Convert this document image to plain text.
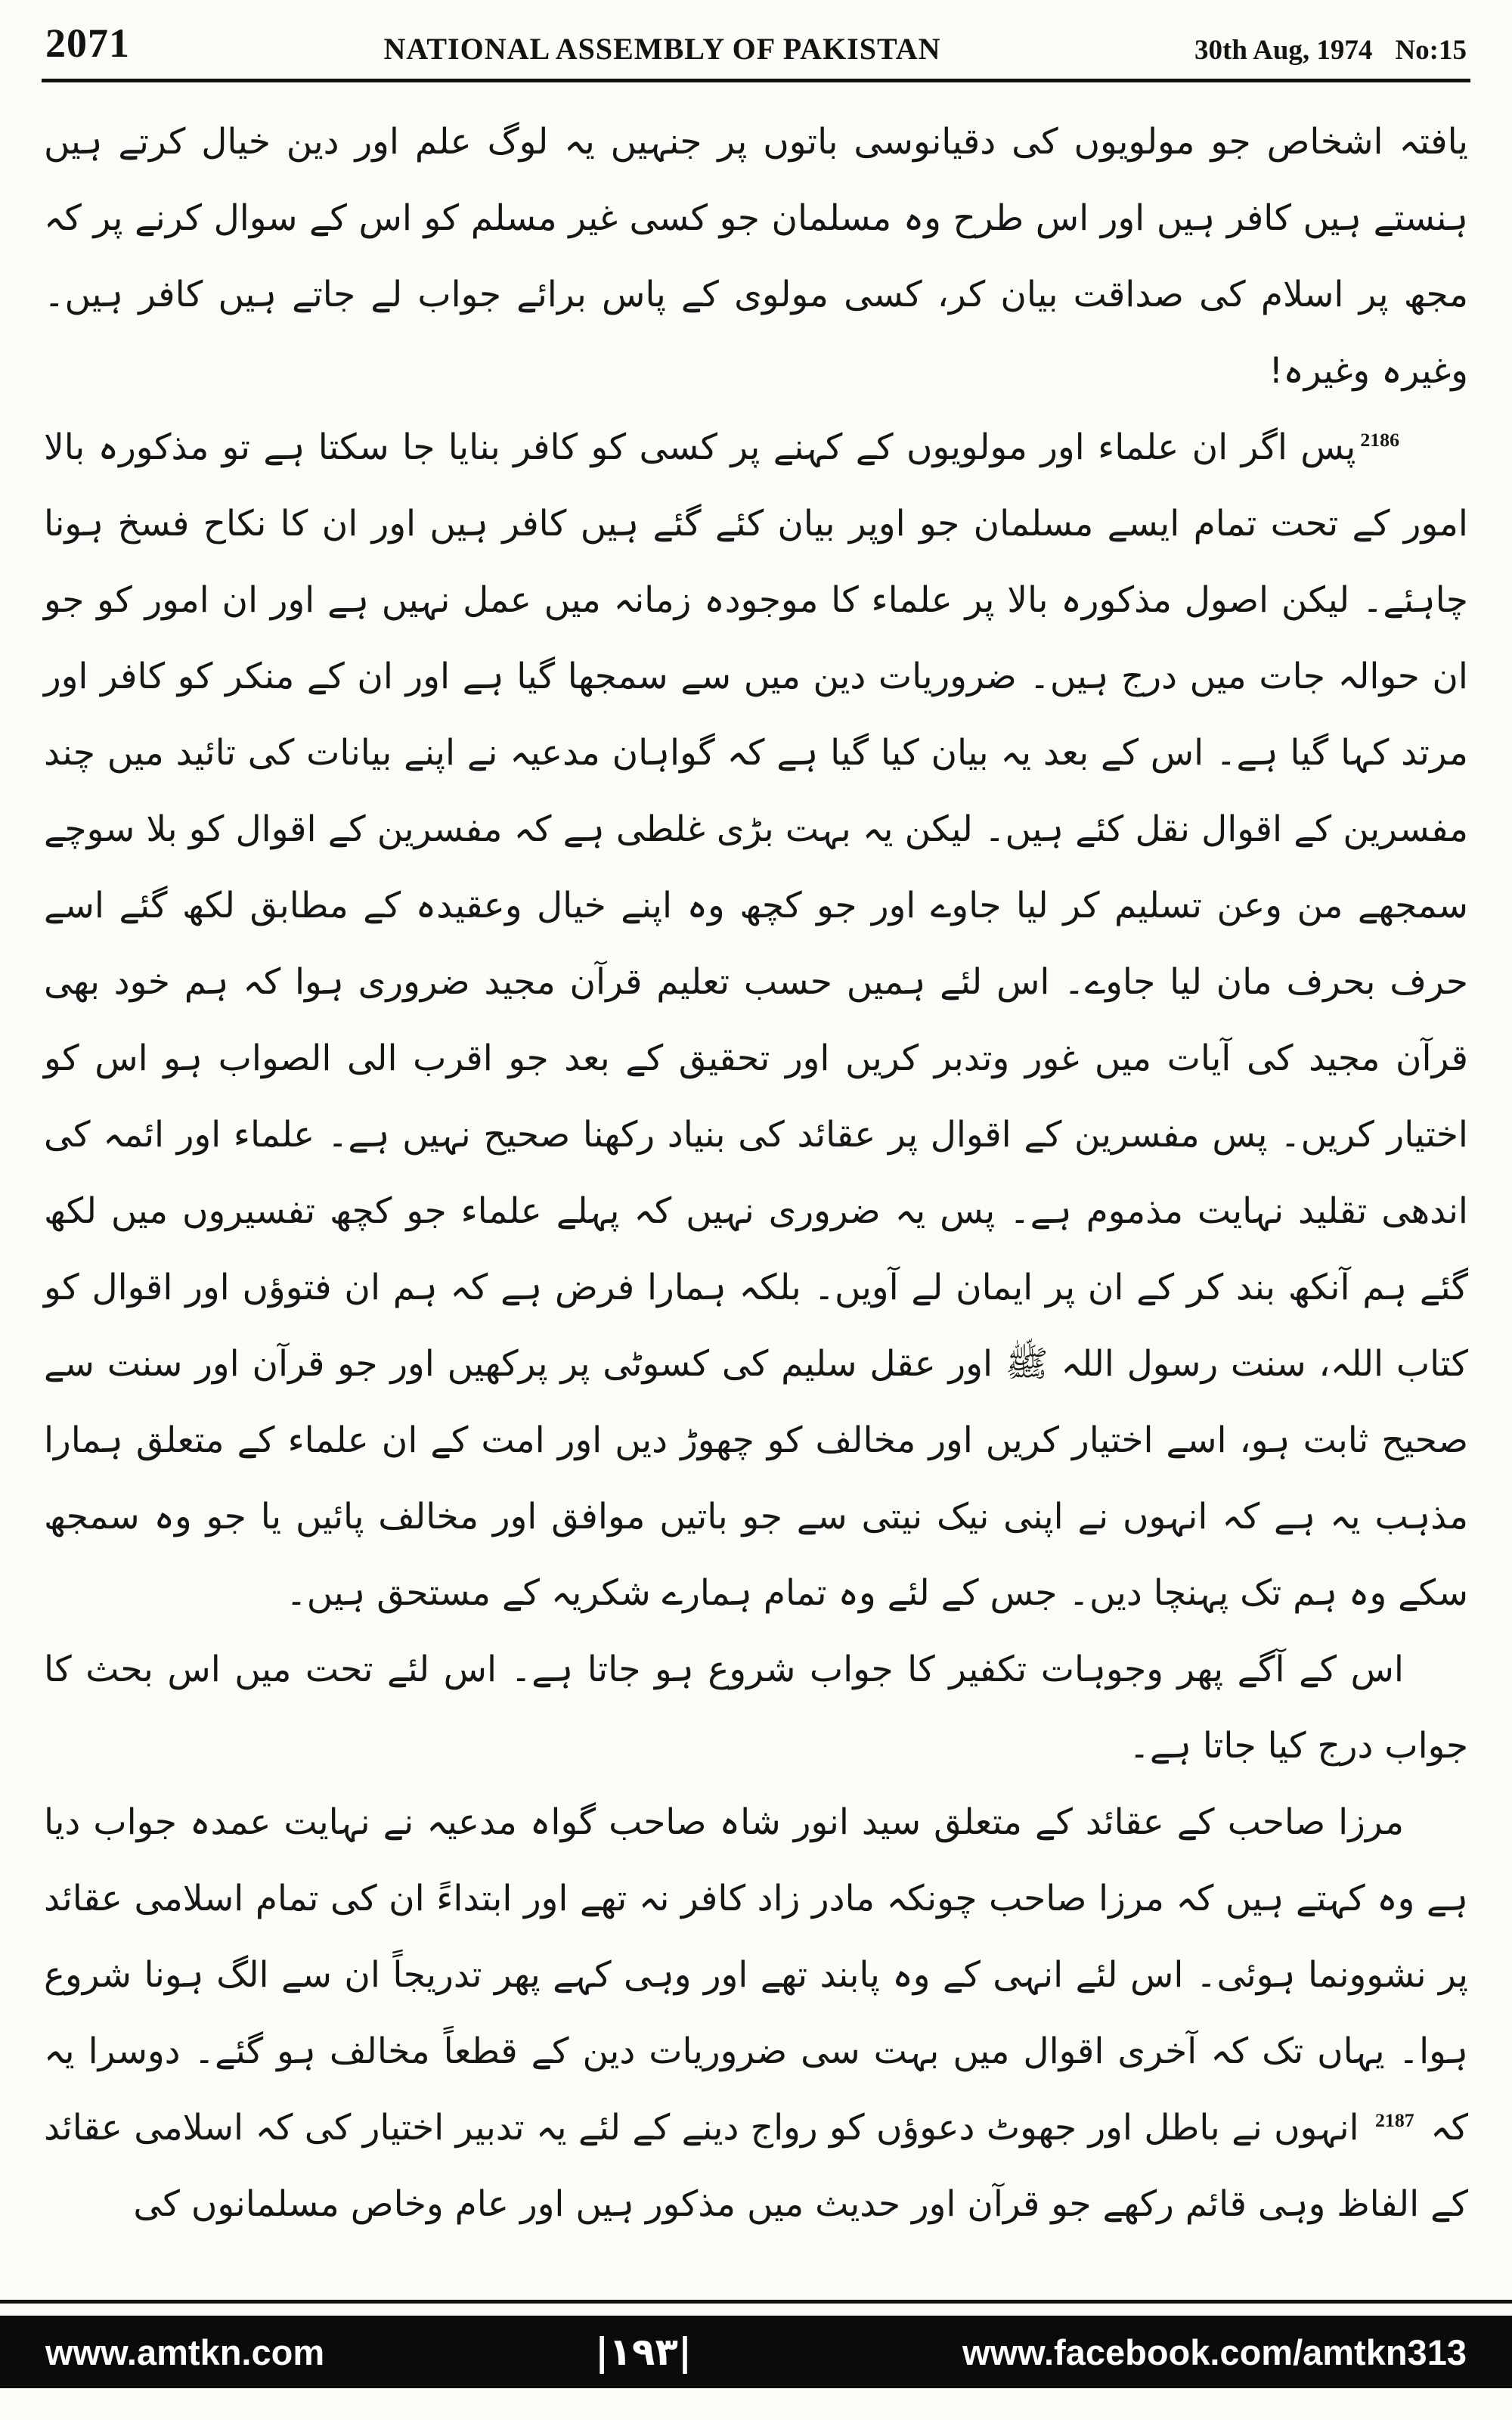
2071	NATIONAL ASSEMBLY OF PAKISTAN	30th Aug, 1974 No:15

یافتہ اشخاص جو مولویوں کی دقیانوسی باتوں پر جنہیں یہ لوگ علم اور دین خیال کرتے ہیں ہنستے ہیں کافر ہیں اور اس طرح وہ مسلمان جو کسی غیر مسلم کو اس کے سوال کرنے پر کہ مجھ پر اسلام کی صداقت بیان کر، کسی مولوی کے پاس برائے جواب لے جاتے ہیں کافر ہیں۔ وغیرہ وغیرہ!

$^{2186}$پس اگر ان علماء اور مولویوں کے کہنے پر کسی کو کافر بنایا جا سکتا ہے تو مذکورہ بالا امور کے تحت تمام ایسے مسلمان جو اوپر بیان کئے گئے ہیں کافر ہیں اور ان کا نکاح فسخ ہونا چاہئے۔ لیکن اصول مذکورہ بالا پر علماء کا موجودہ زمانہ میں عمل نہیں ہے اور ان امور کو جو ان حوالہ جات میں درج ہیں۔ ضروریات دین میں سے سمجھا گیا ہے اور ان کے منکر کو کافر اور مرتد کہا گیا ہے۔ اس کے بعد یہ بیان کیا گیا ہے کہ گواہان مدعیہ نے اپنے بیانات کی تائید میں چند مفسرین کے اقوال نقل کئے ہیں۔ لیکن یہ بہت بڑی غلطی ہے کہ مفسرین کے اقوال کو بلا سوچے سمجھے من وعن تسلیم کر لیا جاوے اور جو کچھ وہ اپنے خیال وعقیدہ کے مطابق لکھ گئے اسے حرف بحرف مان لیا جاوے۔ اس لئے ہمیں حسب تعلیم قرآن مجید ضروری ہوا کہ ہم خود بھی قرآن مجید کی آیات میں غور وتدبر کریں اور تحقیق کے بعد جو اقرب الی الصواب ہو اس کو اختیار کریں۔ پس مفسرین کے اقوال پر عقائد کی بنیاد رکھنا صحیح نہیں ہے۔ علماء اور ائمہ کی اندھی تقلید نہایت مذموم ہے۔ پس یہ ضروری نہیں کہ پہلے علماء جو کچھ تفسیروں میں لکھ گئے ہم آنکھ بند کر کے ان پر ایمان لے آویں۔ بلکہ ہمارا فرض ہے کہ ہم ان فتوؤں اور اقوال کو کتاب اللہ، سنت رسول اللہ ﷺ اور عقل سلیم کی کسوٹی پر پرکھیں اور جو قرآن اور سنت سے صحیح ثابت ہو، اسے اختیار کریں اور مخالف کو چھوڑ دیں اور امت کے ان علماء کے متعلق ہمارا مذہب یہ ہے کہ انہوں نے اپنی نیک نیتی سے جو باتیں موافق اور مخالف پائیں یا جو وہ سمجھ سکے وہ ہم تک پہنچا دیں۔ جس کے لئے وہ تمام ہمارے شکریہ کے مستحق ہیں۔

اس کے آگے پھر وجوہات تکفیر کا جواب شروع ہو جاتا ہے۔ اس لئے تحت میں اس بحث کا جواب درج کیا جاتا ہے۔

مرزا صاحب کے عقائد کے متعلق سید انور شاہ صاحب گواہ مدعیہ نے نہایت عمدہ جواب دیا ہے وہ کہتے ہیں کہ مرزا صاحب چونکہ مادر زاد کافر نہ تھے اور ابتداءً ان کی تمام اسلامی عقائد پر نشوونما ہوئی۔ اس لئے انہی کے وہ پابند تھے اور وہی کہے پھر تدریجاً ان سے الگ ہونا شروع ہوا۔ یہاں تک کہ آخری اقوال میں بہت سی ضروریات دین کے قطعاً مخالف ہو گئے۔ دوسرا یہ کہ $^{2187}$ انہوں نے باطل اور جھوٹ دعوؤں کو رواج دینے کے لئے یہ تدبیر اختیار کی کہ اسلامی عقائد کے الفاظ وہی قائم رکھے جو قرآن اور حدیث میں مذکور ہیں اور عام وخاص مسلمانوں کی

www.amtkn.com	|۱۹۳|	www.facebook.com/amtkn313
